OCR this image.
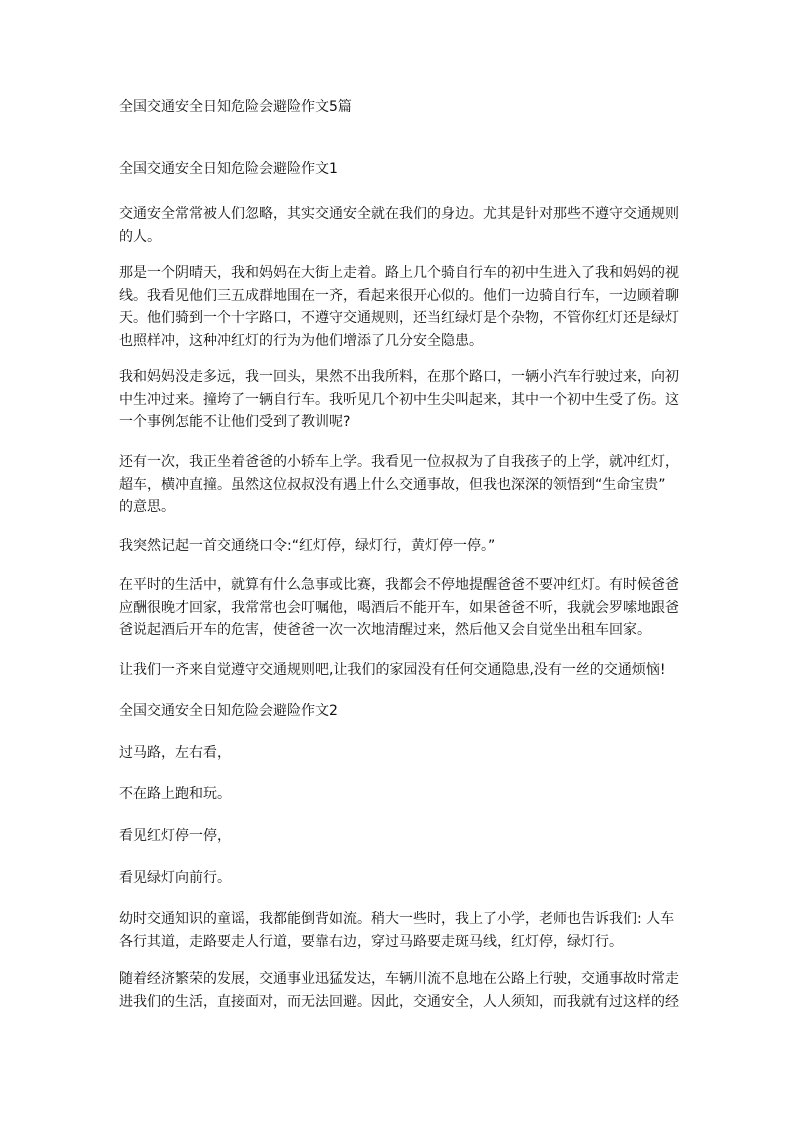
全国交通安全日知危险会避险作文5篇
全国交通安全日知危险会避险作文1
交通安全常常被人们忽略，其实交通安全就在我们的身边。尤其是针对那些不遵守交通规则
的人。
那是一个阴晴天，我和妈妈在大街上走着。路上几个骑自行车的初中生进入了我和妈妈的视
线。我看见他们三五成群地围在一齐，看起来很开心似的。他们一边骑自行车，一边顾着聊
天。他们骑到一个十字路口，不遵守交通规则，还当红绿灯是个杂物，不管你红灯还是绿灯
也照样冲，这种冲红灯的行为为他们增添了几分安全隐患。
我和妈妈没走多远，我一回头，果然不出我所料，在那个路口，一辆小汽车行驶过来，向初
中生冲过来。撞垮了一辆自行车。我听见几个初中生尖叫起来，其中一个初中生受了伤。这
一个事例怎能不让他们受到了教训呢?
还有一次，我正坐着爸爸的小轿车上学。我看见一位叔叔为了自我孩子的上学，就冲红灯，
超车，横冲直撞。虽然这位叔叔没有遇上什么交通事故，但我也深深的领悟到“生命宝贵”
的意思。
我突然记起一首交通绕口令:“红灯停，绿灯行，黄灯停一停。”
在平时的生活中，就算有什么急事或比赛，我都会不停地提醒爸爸不要冲红灯。有时候爸爸
应酬很晚才回家，我常常也会叮嘱他，喝酒后不能开车，如果爸爸不听，我就会罗嗦地跟爸
爸说起酒后开车的危害，使爸爸一次一次地清醒过来，然后他又会自觉坐出租车回家。
让我们一齐来自觉遵守交通规则吧,让我们的家园没有任何交通隐患,没有一丝的交通烦恼!
全国交通安全日知危险会避险作文2
过马路，左右看，
不在路上跑和玩。
看见红灯停一停，
看见绿灯向前行。
幼时交通知识的童谣，我都能倒背如流。稍大一些时，我上了小学，老师也告诉我们: 人车
各行其道，走路要走人行道，要靠右边，穿过马路要走斑马线，红灯停，绿灯行。
随着经济繁荣的发展，交通事业迅猛发达，车辆川流不息地在公路上行驶，交通事故时常走
进我们的生活，直接面对，而无法回避。因此，交通安全，人人须知，而我就有过这样的经
